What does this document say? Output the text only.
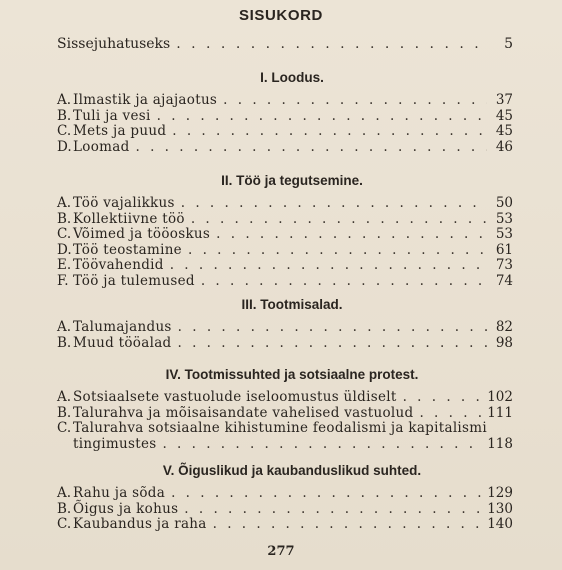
SISUKORD
Sissejuhatuseks . . .	5
I. Loodus.
A. Ilmastik ja ajajaotus . . .	37
B. Tuli ja vesi . . .	45
C. Mets ja puud . . .	45
D. Loomad . . .	46
II. Töö ja tegutsemine.
A. Töö vajalikkus . . .	50
B. Kollektiivne töö . . .	53
C. Võimed ja tööoskus . . .	53
D. Töö teostamine . . .	61
E. Töövahendid . . .	73
F. Töö ja tulemused . . .	74
III. Tootmisalad.
A. Talumajandus . . .	82
B. Muud tööalad . . .	98
IV. Tootmissuhted ja sotsiaalne protest.
A. Sotsiaalsete vastuolude iseloomustus üldiselt . . .	102
B. Talurahva ja mõisaisandate vahelised vastuolud . . .	111
C. Talurahva sotsiaalne kihistumine feodalismi ja kapitalismi
tingimustes . . .	118
V. Õiguslikud ja kaubanduslikud suhted.
A. Rahu ja sõda . . .	129
B. Õigus ja kohus . . .	130
C. Kaubandus ja raha . . .	140
277
